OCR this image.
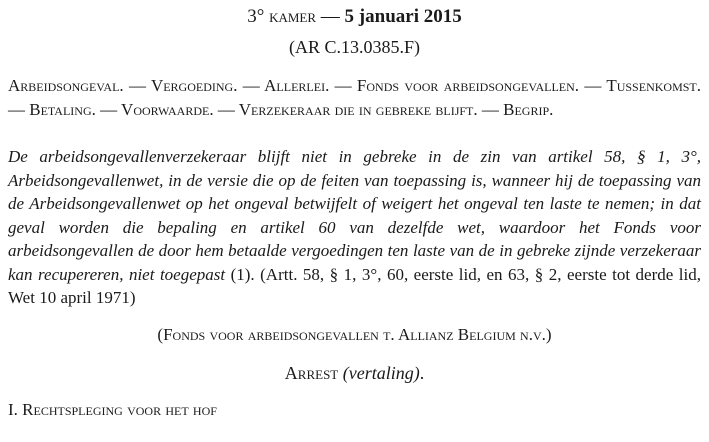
3° kamer — 5 januari 2015

(AR C.13.0385.F)

Arbeidsongeval. — Vergoeding. — Allerlei. — Fonds voor arbeidsongevallen. — Tussenkomst. — Betaling. — Voorwaarde. — Verzekeraar die in gebreke blijft. — Begrip.

De arbeidsongevallenverzekeraar blijft niet in gebreke in de zin van artikel 58, § 1, 3°, Arbeidsongevallenwet, in de versie die op de feiten van toepassing is, wanneer hij de toepassing van de Arbeidsongevallenwet op het ongeval betwijfelt of weigert het ongeval ten laste te nemen; in dat geval worden die bepaling en artikel 60 van dezelfde wet, waardoor het Fonds voor arbeidsongevallen de door hem betaalde vergoedingen ten laste van de in gebreke zijnde verzekeraar kan recupereren, niet toegepast (1). (Artt. 58, § 1, 3°, 60, eerste lid, en 63, § 2, eerste tot derde lid, Wet 10 april 1971)

(Fonds voor arbeidsongevallen t. Allianz Belgium n.v.)

Arrest (vertaling).

I. Rechtspleging voor het hof
